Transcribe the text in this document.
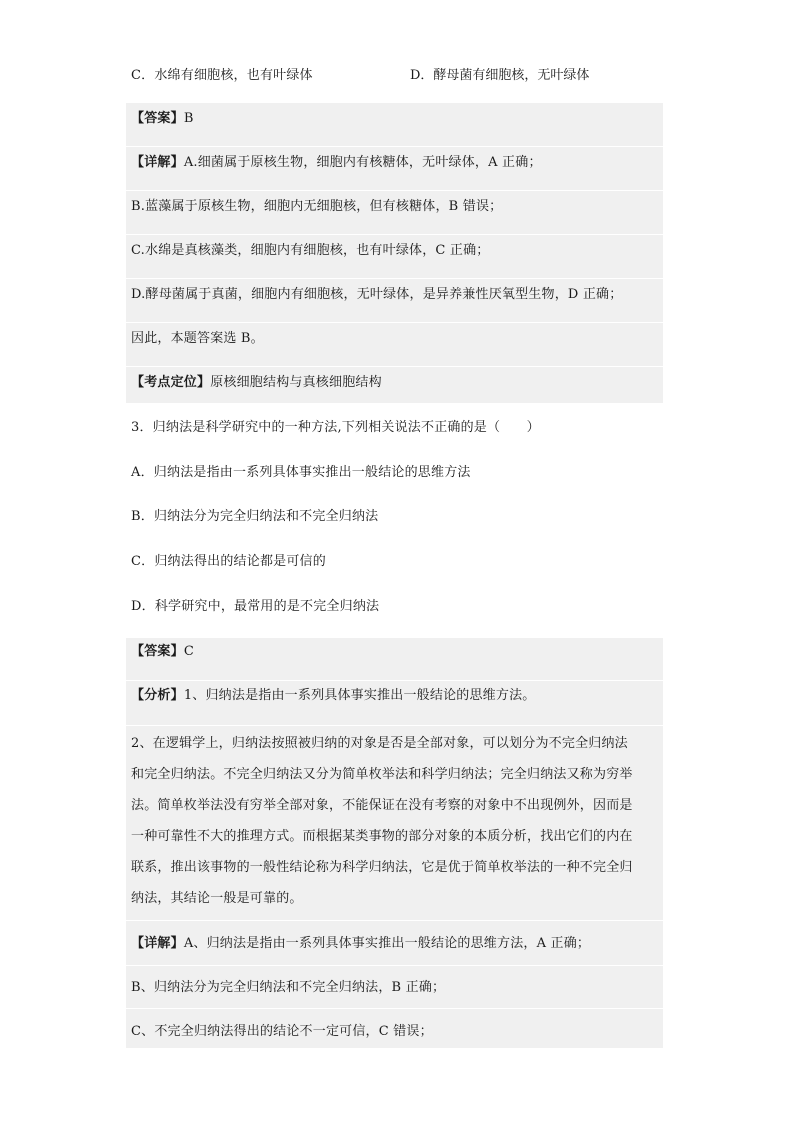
C．水绵有细胞核，也有叶绿体	D．酵母菌有细胞核，无叶绿体
【答案】B
【详解】A.细菌属于原核生物，细胞内有核糖体，无叶绿体，A 正确；
B.蓝藻属于原核生物，细胞内无细胞核，但有核糖体，B 错误；
C.水绵是真核藻类，细胞内有细胞核，也有叶绿体，C 正确；
D.酵母菌属于真菌，细胞内有细胞核，无叶绿体，是异养兼性厌氧型生物，D 正确；
因此，本题答案选 B。
【考点定位】原核细胞结构与真核细胞结构
3．归纳法是科学研究中的一种方法,下列相关说法不正确的是（　　）
A．归纳法是指由一系列具体事实推出一般结论的思维方法
B．归纳法分为完全归纳法和不完全归纳法
C．归纳法得出的结论都是可信的
D．科学研究中，最常用的是不完全归纳法
【答案】C
【分析】1、归纳法是指由一系列具体事实推出一般结论的思维方法。
2、在逻辑学上，归纳法按照被归纳的对象是否是全部对象，可以划分为不完全归纳法
和完全归纳法。不完全归纳法又分为简单枚举法和科学归纳法；完全归纳法又称为穷举
法。简单枚举法没有穷举全部对象，不能保证在没有考察的对象中不出现例外，因而是
一种可靠性不大的推理方式。而根据某类事物的部分对象的本质分析，找出它们的内在
联系，推出该事物的一般性结论称为科学归纳法，它是优于简单枚举法的一种不完全归
纳法，其结论一般是可靠的。
【详解】A、归纳法是指由一系列具体事实推出一般结论的思维方法，A 正确；
B、归纳法分为完全归纳法和不完全归纳法，B 正确；
C、不完全归纳法得出的结论不一定可信，C 错误；
